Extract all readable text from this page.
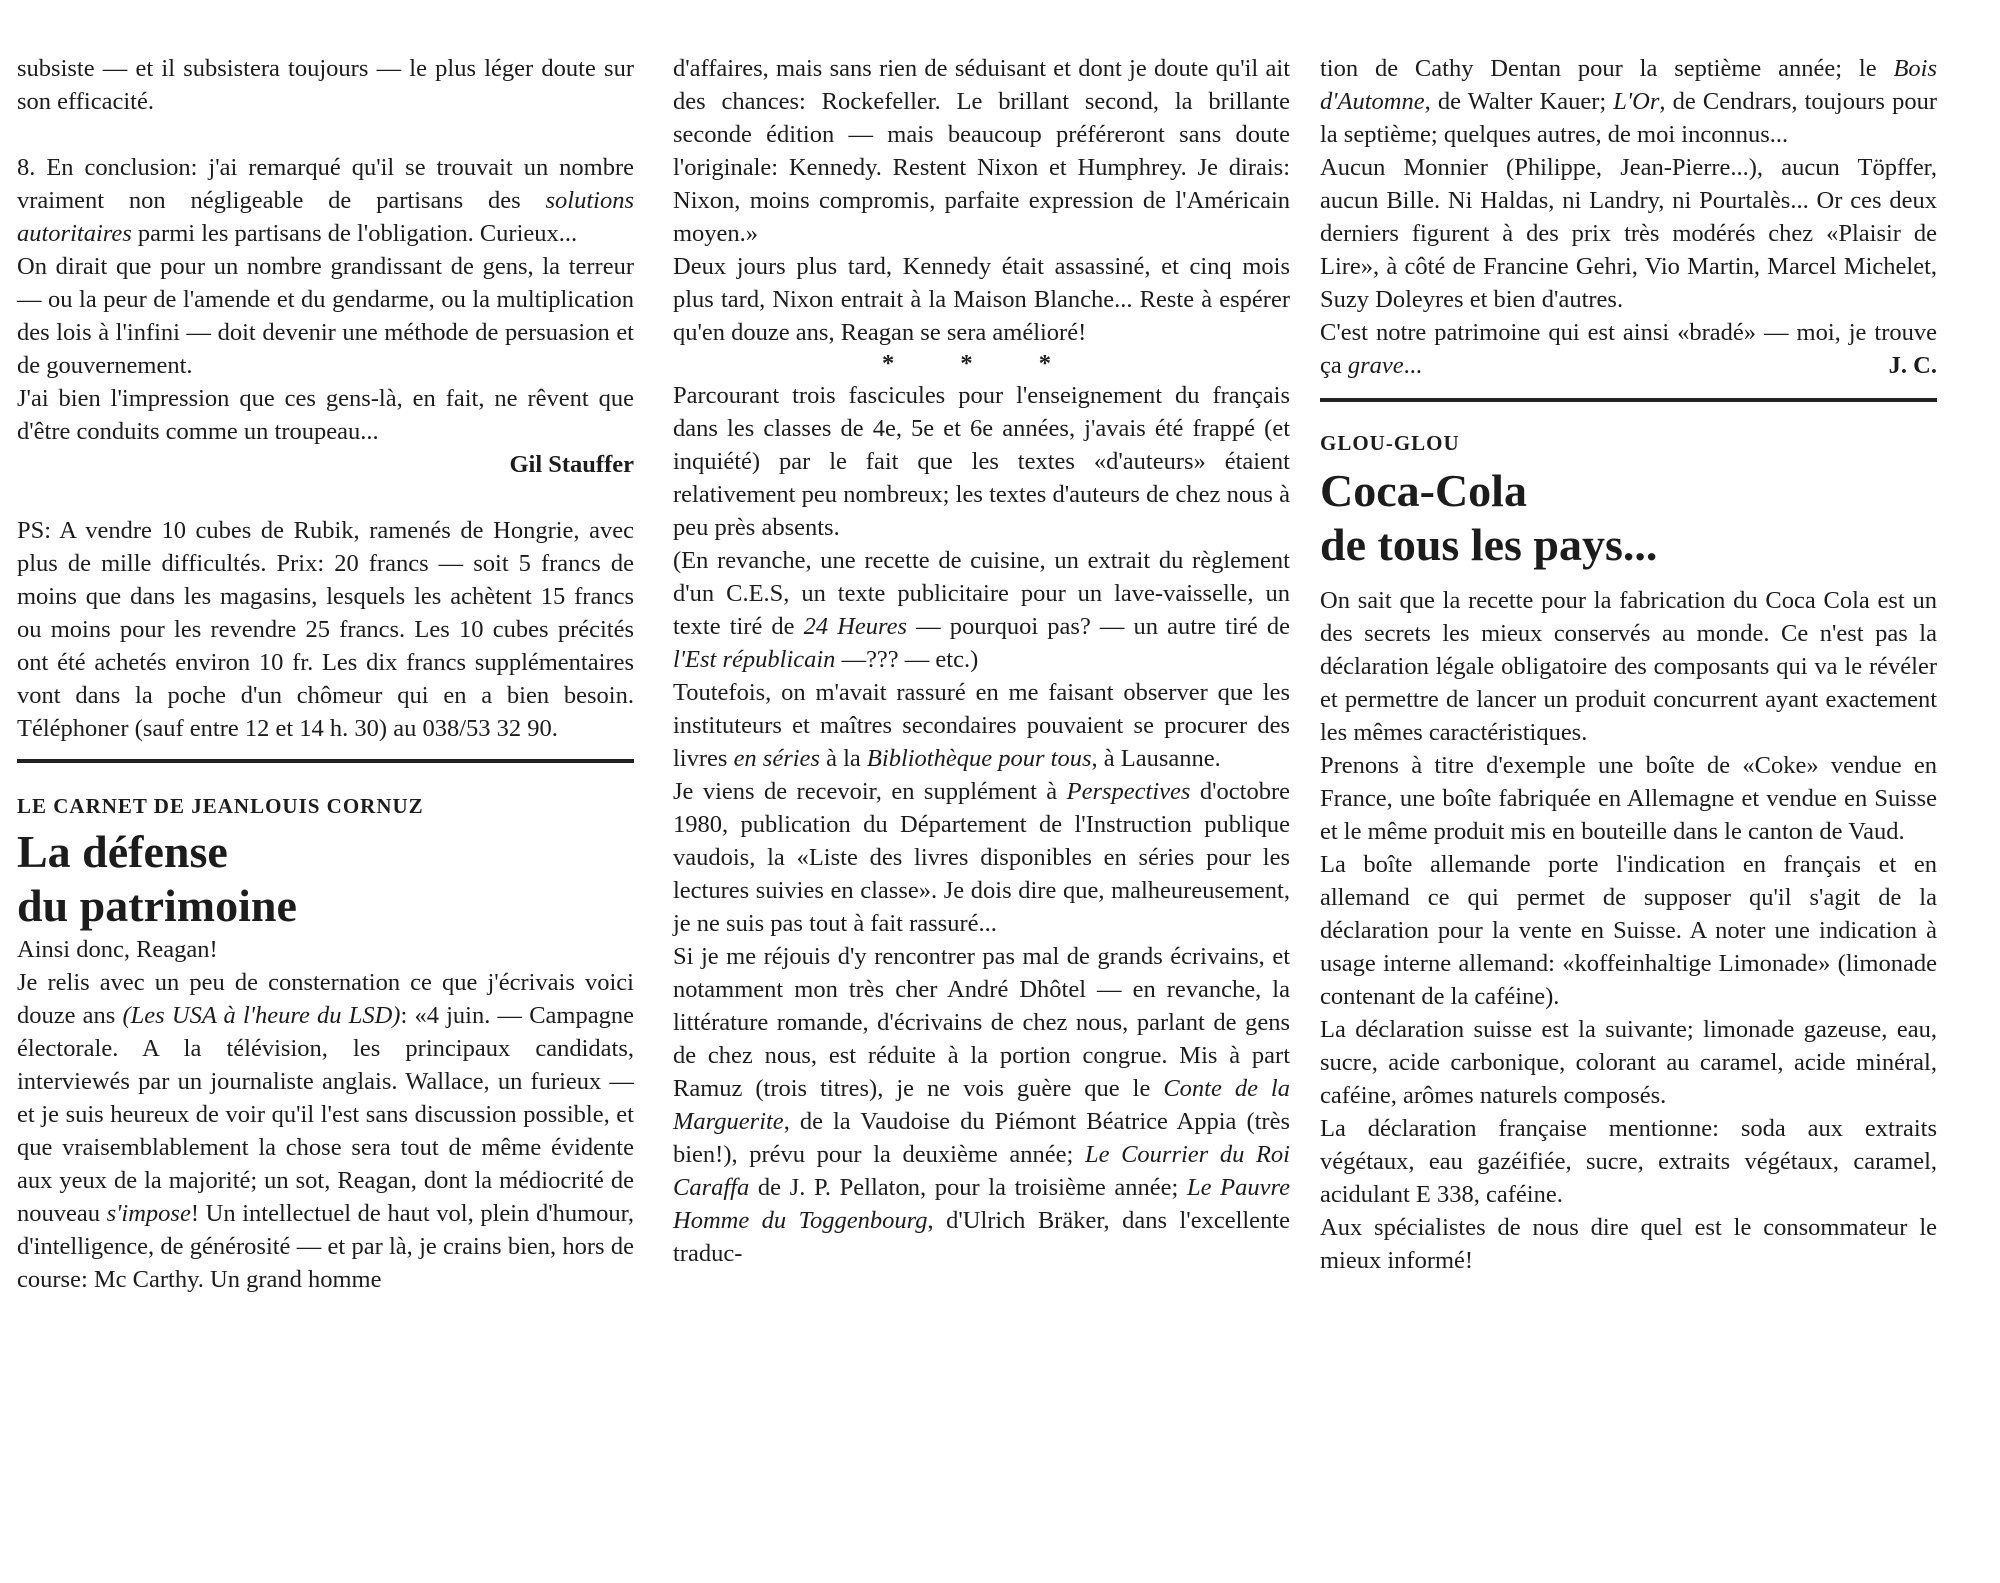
subsiste — et il subsistera toujours — le plus léger doute sur son efficacité.

8. En conclusion: j'ai remarqué qu'il se trouvait un nombre vraiment non négligeable de partisans des solutions autoritaires parmi les partisans de l'obligation. Curieux...

On dirait que pour un nombre grandissant de gens, la terreur — ou la peur de l'amende et du gendarme, ou la multiplication des lois à l'infini — doit devenir une méthode de persuasion et de gouvernement.

J'ai bien l'impression que ces gens-là, en fait, ne rêvent que d'être conduits comme un troupeau...

Gil Stauffer

PS: A vendre 10 cubes de Rubik, ramenés de Hongrie, avec plus de mille difficultés. Prix: 20 francs — soit 5 francs de moins que dans les magasins, lesquels les achètent 15 francs ou moins pour les revendre 25 francs. Les 10 cubes précités ont été achetés environ 10 fr. Les dix francs supplémentaires vont dans la poche d'un chômeur qui en a bien besoin. Téléphoner (sauf entre 12 et 14 h. 30) au 038/53 32 90.

LE CARNET DE JEANLOUIS CORNUZ
La défense
du patrimoine

Ainsi donc, Reagan!

Je relis avec un peu de consternation ce que j'écrivais voici douze ans (Les USA à l'heure du LSD): «4 juin. — Campagne électorale. A la télévision, les principaux candidats, interviewés par un journaliste anglais. Wallace, un furieux — et je suis heureux de voir qu'il l'est sans discussion possible, et que vraisemblablement la chose sera tout de même évidente aux yeux de la majorité; un sot, Reagan, dont la médiocrité de nouveau s'impose! Un intellectuel de haut vol, plein d'humour, d'intelligence, de générosité — et par là, je crains bien, hors de course: Mc Carthy. Un grand homme

d'affaires, mais sans rien de séduisant et dont je doute qu'il ait des chances: Rockefeller. Le brillant second, la brillante seconde édition — mais beaucoup préféreront sans doute l'originale: Kennedy. Restent Nixon et Humphrey. Je dirais: Nixon, moins compromis, parfaite expression de l'Américain moyen.»

Deux jours plus tard, Kennedy était assassiné, et cinq mois plus tard, Nixon entrait à la Maison Blanche... Reste à espérer qu'en douze ans, Reagan se sera amélioré!

* * *

Parcourant trois fascicules pour l'enseignement du français dans les classes de 4e, 5e et 6e années, j'avais été frappé (et inquiété) par le fait que les textes «d'auteurs» étaient relativement peu nombreux; les textes d'auteurs de chez nous à peu près absents.

(En revanche, une recette de cuisine, un extrait du règlement d'un C.E.S, un texte publicitaire pour un lave-vaisselle, un texte tiré de 24 Heures — pourquoi pas? — un autre tiré de l'Est républicain —??? — etc.)

Toutefois, on m'avait rassuré en me faisant observer que les instituteurs et maîtres secondaires pouvaient se procurer des livres en séries à la Bibliothèque pour tous, à Lausanne.

Je viens de recevoir, en supplément à Perspectives d'octobre 1980, publication du Département de l'Instruction publique vaudois, la «Liste des livres disponibles en séries pour les lectures suivies en classe». Je dois dire que, malheureusement, je ne suis pas tout à fait rassuré...

Si je me réjouis d'y rencontrer pas mal de grands écrivains, et notamment mon très cher André Dhôtel — en revanche, la littérature romande, d'écrivains de chez nous, parlant de gens de chez nous, est réduite à la portion congrue. Mis à part Ramuz (trois titres), je ne vois guère que le Conte de la Marguerite, de la Vaudoise du Piémont Béatrice Appia (très bien!), prévu pour la deuxième année; Le Courrier du Roi Caraffa de J. P. Pellaton, pour la troisième année; Le Pauvre Homme du Toggenbourg, d'Ulrich Bräker, dans l'excellente traduc-

tion de Cathy Dentan pour la septième année; le Bois d'Automne, de Walter Kauer; L'Or, de Cendrars, toujours pour la septième; quelques autres, de moi inconnus...

Aucun Monnier (Philippe, Jean-Pierre...), aucun Töpffer, aucun Bille. Ni Haldas, ni Landry, ni Pourtalès... Or ces deux derniers figurent à des prix très modérés chez «Plaisir de Lire», à côté de Francine Gehri, Vio Martin, Marcel Michelet, Suzy Doleyres et bien d'autres.

C'est notre patrimoine qui est ainsi «bradé» — moi, je trouve ça grave...	J. C.

GLOU-GLOU
Coca-Cola
de tous les pays...

On sait que la recette pour la fabrication du Coca Cola est un des secrets les mieux conservés au monde. Ce n'est pas la déclaration légale obligatoire des composants qui va le révéler et permettre de lancer un produit concurrent ayant exactement les mêmes caractéristiques.

Prenons à titre d'exemple une boîte de «Coke» vendue en France, une boîte fabriquée en Allemagne et vendue en Suisse et le même produit mis en bouteille dans le canton de Vaud.

La boîte allemande porte l'indication en français et en allemand ce qui permet de supposer qu'il s'agit de la déclaration pour la vente en Suisse. A noter une indication à usage interne allemand: «koffeinhaltige Limonade» (limonade contenant de la caféine).

La déclaration suisse est la suivante; limonade gazeuse, eau, sucre, acide carbonique, colorant au caramel, acide minéral, caféine, arômes naturels composés.

La déclaration française mentionne: soda aux extraits végétaux, eau gazéifiée, sucre, extraits végétaux, caramel, acidulant E 338, caféine.

Aux spécialistes de nous dire quel est le consommateur le mieux informé!
